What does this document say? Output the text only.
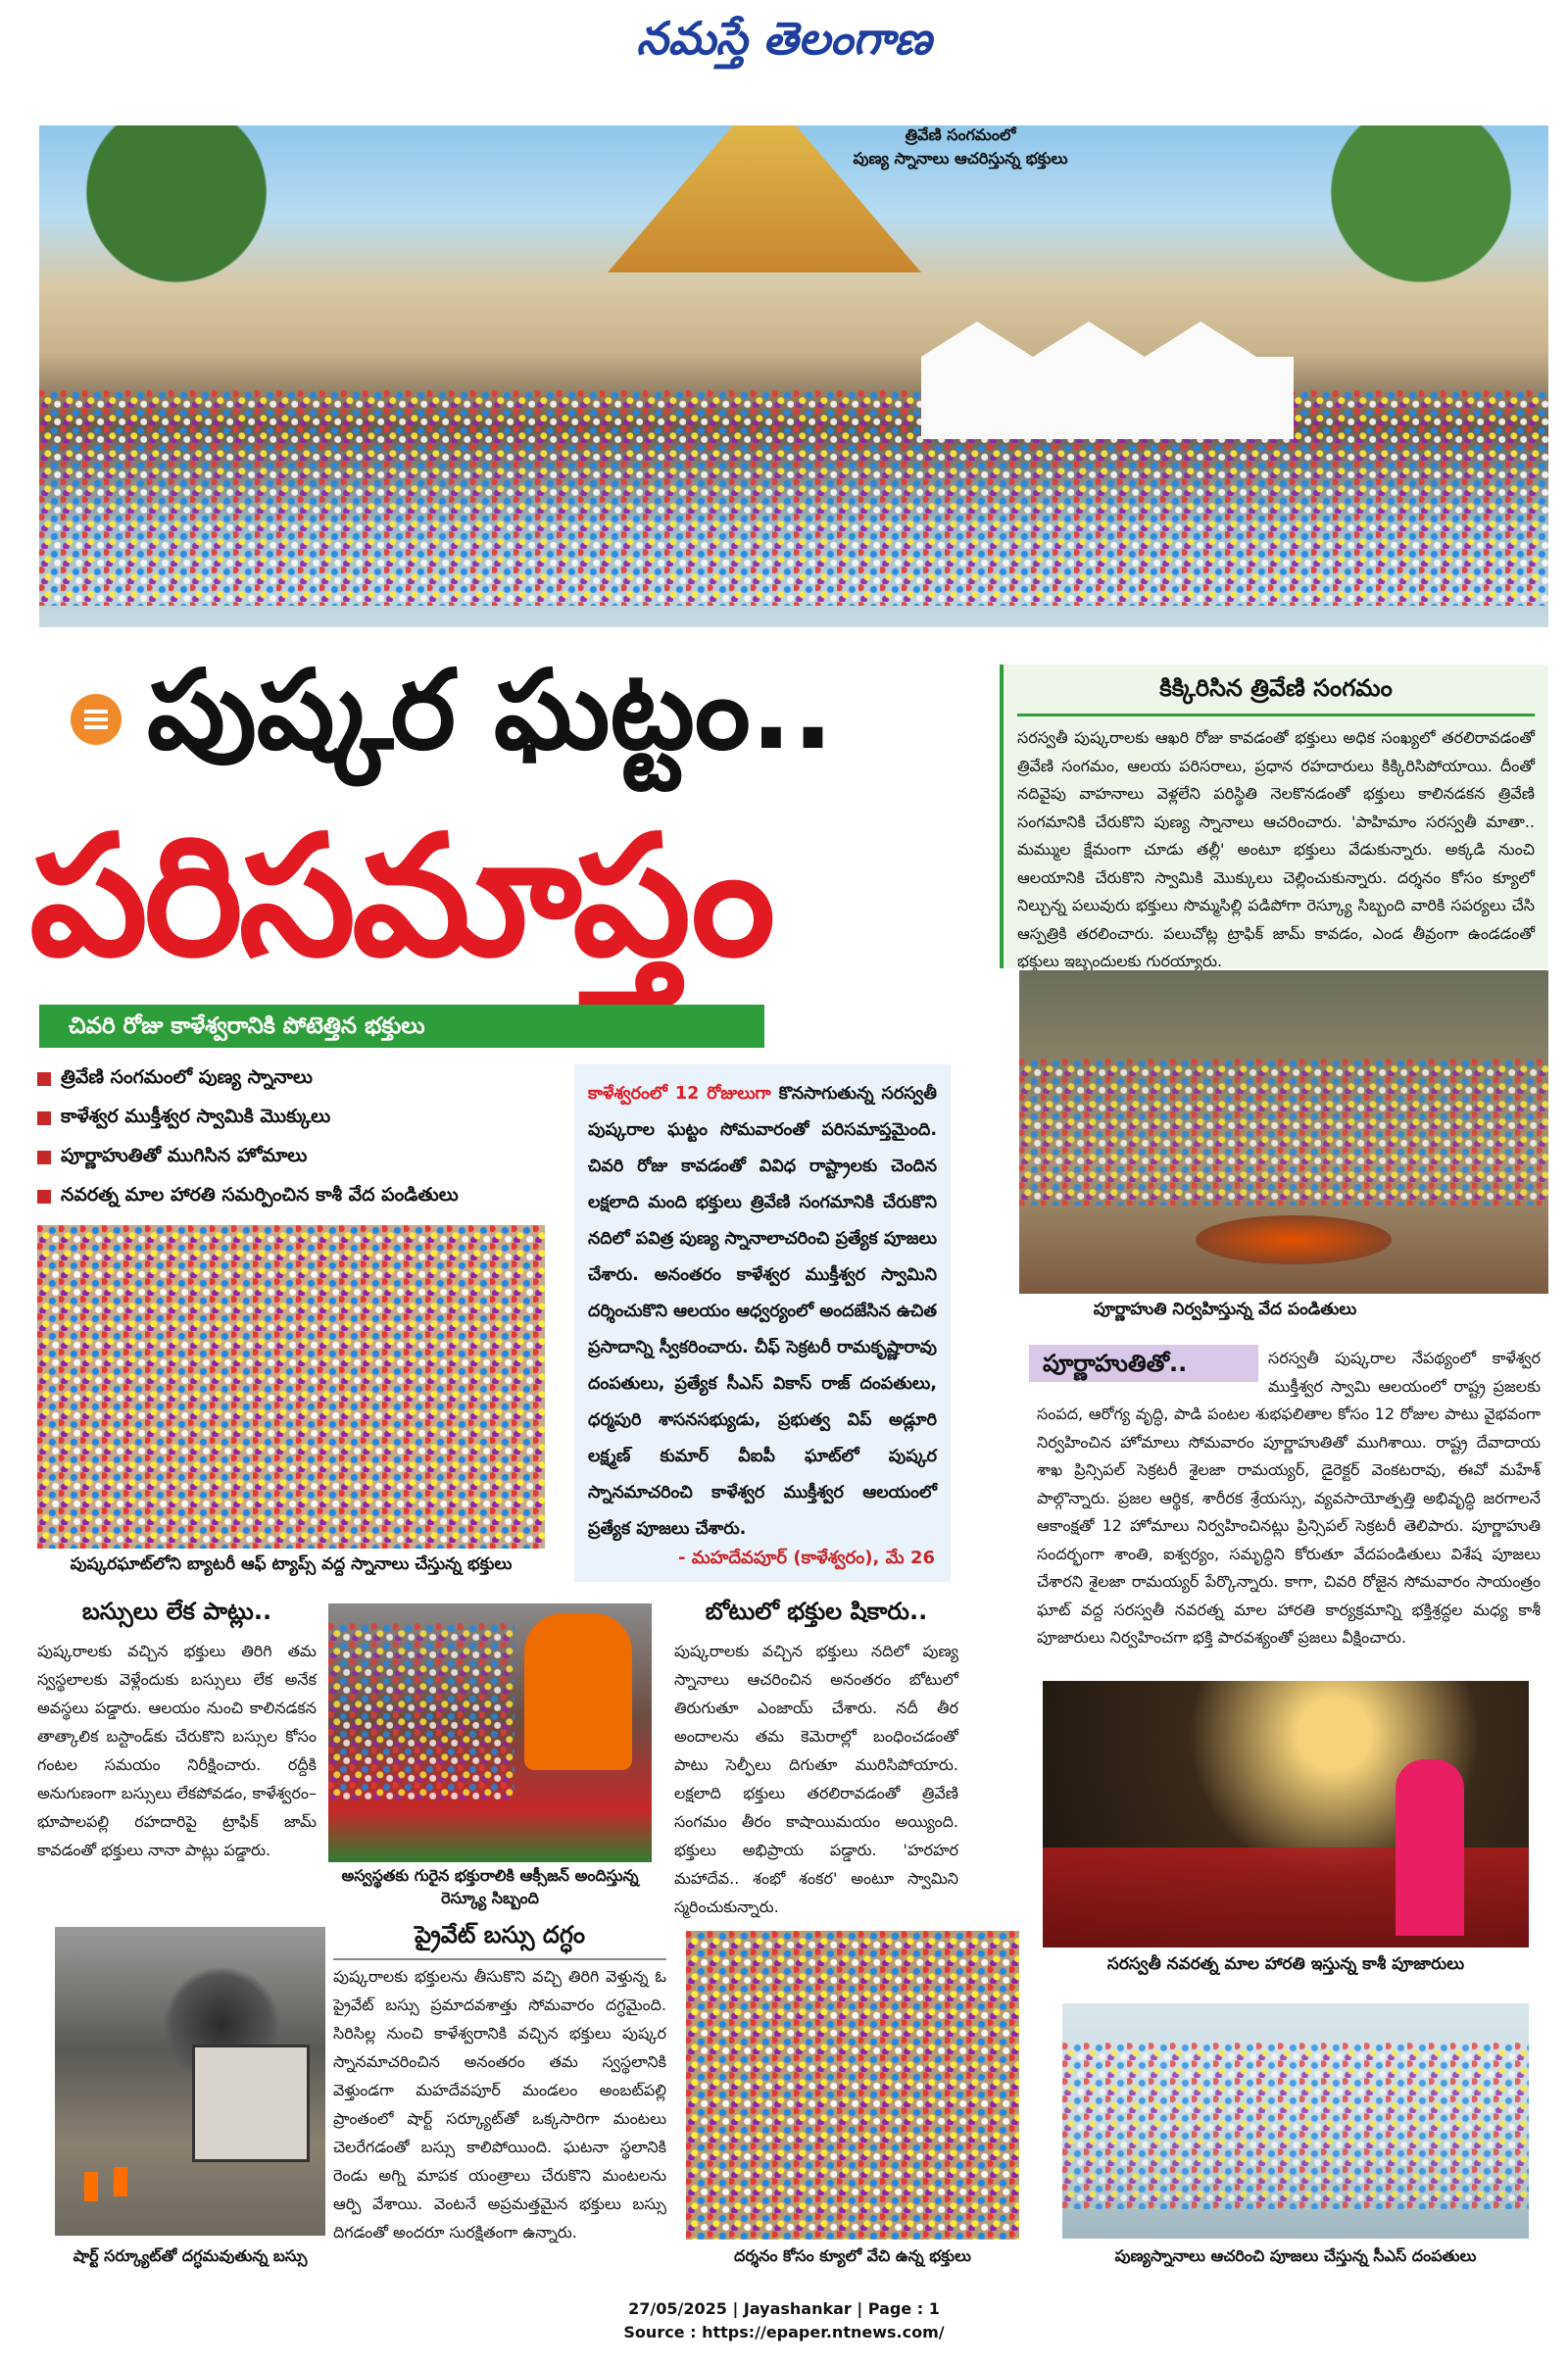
నమస్తే తెలంగాణ
త్రివేణి సంగమంలో
పుణ్య స్నానాలు ఆచరిస్తున్న భక్తులు
పుష్కర ఘట్టం..
పరిసమాప్తం
చివరి రోజు కాళేశ్వరానికి పోటెత్తిన భక్తులు
త్రివేణి సంగమంలో పుణ్య స్నానాలు
కాళేశ్వర ముక్తీశ్వర స్వామికి మొక్కులు
పూర్ణాహుతితో ముగిసిన హోమాలు
నవరత్న మాల హారతి సమర్పించిన కాశీ వేద పండితులు
పుష్కరఘాట్‌లోని బ్యాటరీ ఆఫ్ ట్యాప్స్ వద్ద స్నానాలు చేస్తున్న భక్తులు
కాళేశ్వరంలో 12 రోజులుగా కొనసాగుతున్న సరస్వతీ పుష్కరాల ఘట్టం సోమవారంతో పరిసమాప్తమైంది. చివరి రోజు కావడంతో వివిధ రాష్ట్రాలకు చెందిన లక్షలాది మంది భక్తులు త్రివేణి సంగమానికి చేరుకొని నదిలో పవిత్ర పుణ్య స్నానాలాచరించి ప్రత్యేక పూజలు చేశారు. అనంతరం కాళేశ్వర ముక్తీశ్వర స్వామిని దర్శించుకొని ఆలయం ఆధ్వర్యంలో అందజేసిన ఉచిత ప్రసాదాన్ని స్వీకరించారు. చీఫ్ సెక్రటరీ రామకృష్ణారావు దంపతులు, ప్రత్యేక సీఎస్ వికాస్ రాజ్ దంపతులు, ధర్మపురి శాసనసభ్యుడు, ప్రభుత్వ విప్ అడ్లూరి లక్ష్మణ్ కుమార్ వీఐపీ ఘాట్‌లో పుష్కర స్నానమాచరించి కాళేశ్వర ముక్తీశ్వర ఆలయంలో ప్రత్యేక పూజలు చేశారు.
- మహదేవపూర్ (కాళేశ్వరం), మే 26
కిక్కిరిసిన త్రివేణి సంగమం
సరస్వతీ పుష్కరాలకు ఆఖరి రోజు కావడంతో భక్తులు అధిక సంఖ్యలో తరలిరావడంతో త్రివేణి సంగమం, ఆలయ పరిసరాలు, ప్రధాన రహదారులు కిక్కిరిసిపోయాయి. దీంతో నదివైపు వాహనాలు వెళ్లలేని పరిస్థితి నెలకొనడంతో భక్తులు కాలినడకన త్రివేణి సంగమానికి చేరుకొని పుణ్య స్నానాలు ఆచరించారు. 'పాహిమాం సరస్వతీ మాతా.. మమ్ముల క్షేమంగా చూడు తల్లీ' అంటూ భక్తులు వేడుకున్నారు. అక్కడి నుంచి ఆలయానికి చేరుకొని స్వామికి మొక్కులు చెల్లించుకున్నారు. దర్శనం కోసం క్యూలో నిల్చున్న పలువురు భక్తులు సొమ్మసిల్లి పడిపోగా రెస్క్యూ సిబ్బంది వారికి సపర్యలు చేసి ఆస్పత్రికి తరలించారు. పలుచోట్ల ట్రాఫిక్ జామ్ కావడం, ఎండ తీవ్రంగా ఉండడంతో భక్తులు ఇబ్బందులకు గురయ్యారు.
పూర్ణాహుతి నిర్వహిస్తున్న వేద పండితులు
పూర్ణాహుతితో..	సరస్వతీ పుష్కరాల నేపథ్యంలో కాళేశ్వర ముక్తీశ్వర స్వామి ఆలయంలో రాష్ట్ర ప్రజలకు సంపద, ఆరోగ్య వృద్ధి, పాడి పంటల శుభఫలితాల కోసం 12 రోజుల పాటు వైభవంగా నిర్వహించిన హోమాలు సోమవారం పూర్ణాహుతితో ముగిశాయి. రాష్ట్ర దేవాదాయ శాఖ ప్రిన్సిపల్ సెక్రటరీ శైలజా రామయ్యర్, డైరెక్టర్ వెంకటరావు, ఈవో మహేశ్ పాల్గొన్నారు. ప్రజల ఆర్థిక, శారీరక శ్రేయస్సు, వ్యవసాయోత్పత్తి అభివృద్ధి జరగాలనే ఆకాంక్షతో 12 హోమాలు నిర్వహించినట్లు ప్రిన్సిపల్ సెక్రటరీ తెలిపారు. పూర్ణాహుతి సందర్భంగా శాంతి, ఐశ్వర్యం, సమృద్ధిని కోరుతూ వేదపండితులు విశేష పూజలు చేశారని శైలజా రామయ్యర్ పేర్కొన్నారు. కాగా, చివరి రోజైన సోమవారం సాయంత్రం ఘాట్ వద్ద సరస్వతీ నవరత్న మాల హారతి కార్యక్రమాన్ని భక్తిశ్రద్ధల మధ్య కాశీ పూజారులు నిర్వహించగా భక్తి పారవశ్యంతో ప్రజలు వీక్షించారు.
బస్సులు లేక పాట్లు..
పుష్కరాలకు వచ్చిన భక్తులు తిరిగి తమ స్వస్థలాలకు వెళ్లేందుకు బస్సులు లేక అనేక అవస్థలు పడ్డారు. ఆలయం నుంచి కాలినడకన తాత్కాలిక బస్టాండ్‌కు చేరుకొని బస్సుల కోసం గంటల సమయం నిరీక్షించారు. రద్దీకి అనుగుణంగా బస్సులు లేకపోవడం, కాళేశ్వరం–భూపాలపల్లి రహదారిపై ట్రాఫిక్ జామ్ కావడంతో భక్తులు నానా పాట్లు పడ్డారు.
అస్వస్థతకు గురైన భక్తురాలికి ఆక్సీజన్ అందిస్తున్న రెస్క్యూ సిబ్బంది
బోటులో భక్తుల షికారు..
పుష్కరాలకు వచ్చిన భక్తులు నదిలో పుణ్య స్నానాలు ఆచరించిన అనంతరం బోటులో తిరుగుతూ ఎంజాయ్ చేశారు. నదీ తీర అందాలను తమ కెమెరాల్లో బంధించడంతో పాటు సెల్ఫీలు దిగుతూ మురిసిపోయారు. లక్షలాది భక్తులు తరలిరావడంతో త్రివేణి సంగమం తీరం కాషాయిమయం అయ్యింది. భక్తులు అభిప్రాయ పడ్డారు. 'హరహర మహాదేవ.. శంభో శంకర' అంటూ స్వామిని స్మరించుకున్నారు.
సరస్వతీ నవరత్న మాల హారతి ఇస్తున్న కాశీ పూజారులు
ప్రైవేట్ బస్సు దగ్ధం
పుష్కరాలకు భక్తులను తీసుకొని వచ్చి తిరిగి వెళ్తున్న ఓ ప్రైవేట్ బస్సు ప్రమాదవశాత్తు సోమవారం దగ్ధమైంది. సిరిసిల్ల నుంచి కాళేశ్వరానికి వచ్చిన భక్తులు పుష్కర స్నానమాచరించిన అనంతరం తమ స్వస్థలానికి వెళ్తుండగా మహదేవపూర్ మండలం అంబట్‌పల్లి ప్రాంతంలో షార్ట్ సర్క్యూట్‌తో ఒక్కసారిగా మంటలు చెలరేగడంతో బస్సు కాలిపోయింది. ఘటనా స్థలానికి రెండు అగ్ని మాపక యంత్రాలు చేరుకొని మంటలను ఆర్పి వేశాయి. వెంటనే అప్రమత్తమైన భక్తులు బస్సు దిగడంతో అందరూ సురక్షితంగా ఉన్నారు.
షార్ట్ సర్క్యూట్‌తో దగ్ధమవుతున్న బస్సు	దర్శనం కోసం క్యూలో వేచి ఉన్న భక్తులు	పుణ్యస్నానాలు ఆచరించి పూజలు చేస్తున్న సీఎస్ దంపతులు
27/05/2025 | Jayashankar | Page : 1
Source : https://epaper.ntnews.com/
